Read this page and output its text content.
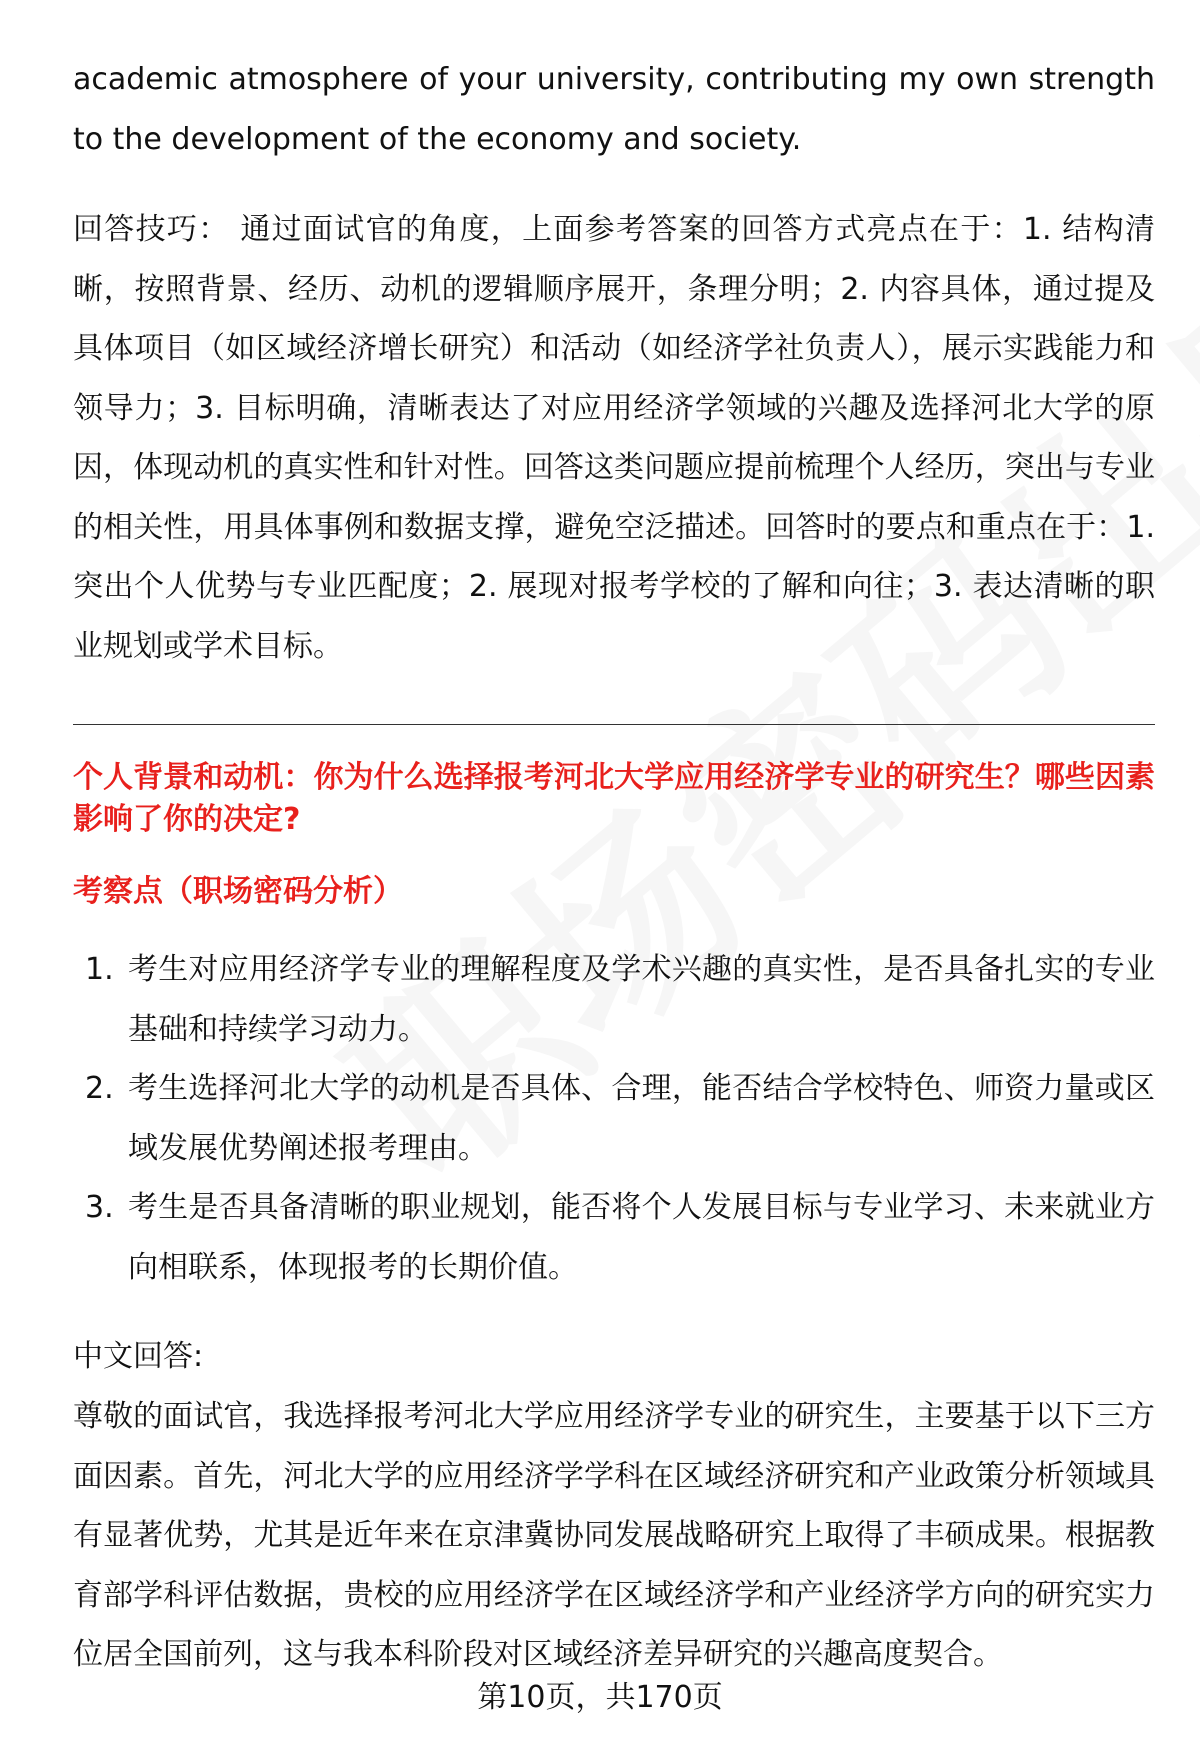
academic atmosphere of your university, contributing my own strength to the development of the economy and society.
回答技巧： 通过面试官的角度，上面参考答案的回答方式亮点在于：1. 结构清晰，按照背景、经历、动机的逻辑顺序展开，条理分明；2. 内容具体，通过提及具体项目（如区域经济增长研究）和活动（如经济学社负责人），展示实践能力和领导力；3. 目标明确，清晰表达了对应用经济学领域的兴趣及选择河北大学的原因，体现动机的真实性和针对性。回答这类问题应提前梳理个人经历，突出与专业的相关性，用具体事例和数据支撑，避免空泛描述。回答时的要点和重点在于：1. 突出个人优势与专业匹配度；2. 展现对报考学校的了解和向往；3. 表达清晰的职业规划或学术目标。
个人背景和动机：你为什么选择报考河北大学应用经济学专业的研究生？哪些因素影响了你的决定?
考察点（职场密码分析）
1. 考生对应用经济学专业的理解程度及学术兴趣的真实性，是否具备扎实的专业基础和持续学习动力。
2. 考生选择河北大学的动机是否具体、合理，能否结合学校特色、师资力量或区域发展优势阐述报考理由。
3. 考生是否具备清晰的职业规划，能否将个人发展目标与专业学习、未来就业方向相联系，体现报考的长期价值。
中文回答:
尊敬的面试官，我选择报考河北大学应用经济学专业的研究生，主要基于以下三方面因素。首先，河北大学的应用经济学学科在区域经济研究和产业政策分析领域具有显著优势，尤其是近年来在京津冀协同发展战略研究上取得了丰硕成果。根据教育部学科评估数据，贵校的应用经济学在区域经济学和产业经济学方向的研究实力位居全国前列，这与我本科阶段对区域经济差异研究的兴趣高度契合。
第10页，共170页
